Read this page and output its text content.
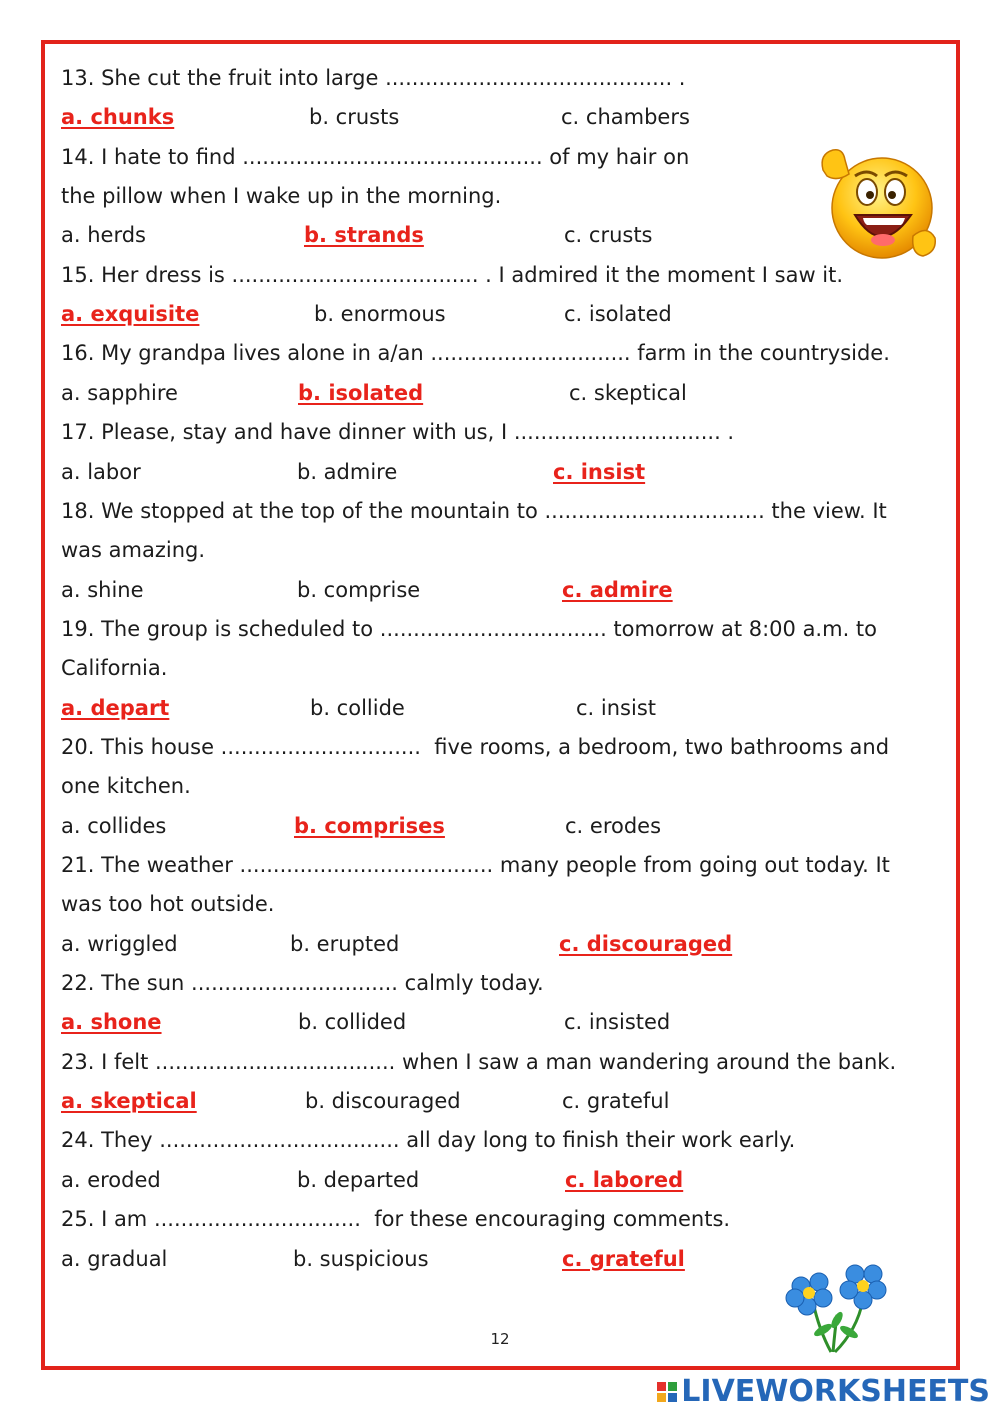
13. She cut the fruit into large ........................................... .
a. chunks	b. crusts	c. chambers
14. I hate to find ............................................. of my hair on
the pillow when I wake up in the morning.
a. herds	b. strands	c. crusts
15. Her dress is ..................................... . I admired it the moment I saw it.
a. exquisite	b. enormous	c. isolated
16. My grandpa lives alone in a/an .............................. farm in the countryside.
a. sapphire	b. isolated	c. skeptical
17. Please, stay and have dinner with us, I ............................... .
a. labor	b. admire	c. insist
18. We stopped at the top of the mountain to ................................. the view. It
was amazing.
a. shine	b. comprise	c. admire
19. The group is scheduled to .................................. tomorrow at 8:00 a.m. to
California.
a. depart	b. collide	c. insist
20. This house ..............................  five rooms, a bedroom, two bathrooms and
one kitchen.
a. collides	b. comprises	c. erodes
21. The weather ...................................... many people from going out today. It
was too hot outside.
a. wriggled	b. erupted	c. discouraged
22. The sun ............................... calmly today.
a. shone	b. collided	c. insisted
23. I felt .................................... when I saw a man wandering around the bank.
a. skeptical	b. discouraged	c. grateful
24. They .................................... all day long to finish their work early.
a. eroded	b. departed	c. labored
25. I am ...............................  for these encouraging comments.
a. gradual	b. suspicious	c. grateful
12
LIVEWORKSHEETS
